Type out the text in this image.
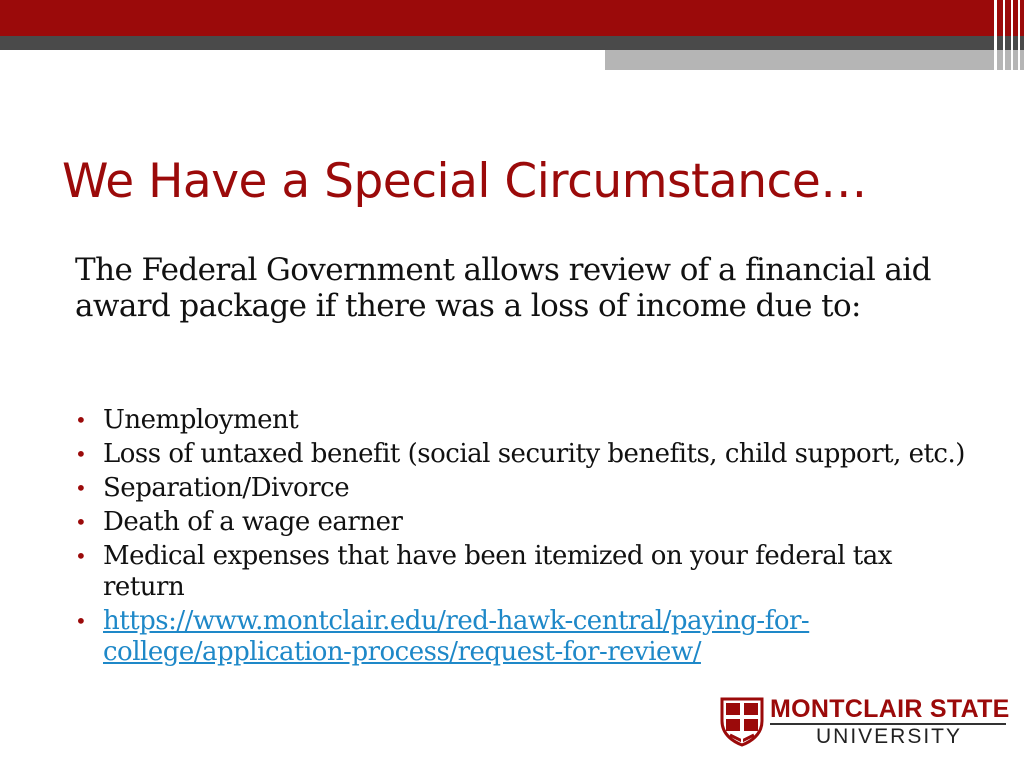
We Have a Special Circumstance…

The Federal Government allows review of a financial aid award package if there was a loss of income due to:

• Unemployment
• Loss of untaxed benefit (social security benefits, child support, etc.)
• Separation/Divorce
• Death of a wage earner
• Medical expenses that have been itemized on your federal tax return
• https://www.montclair.edu/red-hawk-central/paying-for-college/application-process/request-for-review/
MONTCLAIR STATE
UNIVERSITY
